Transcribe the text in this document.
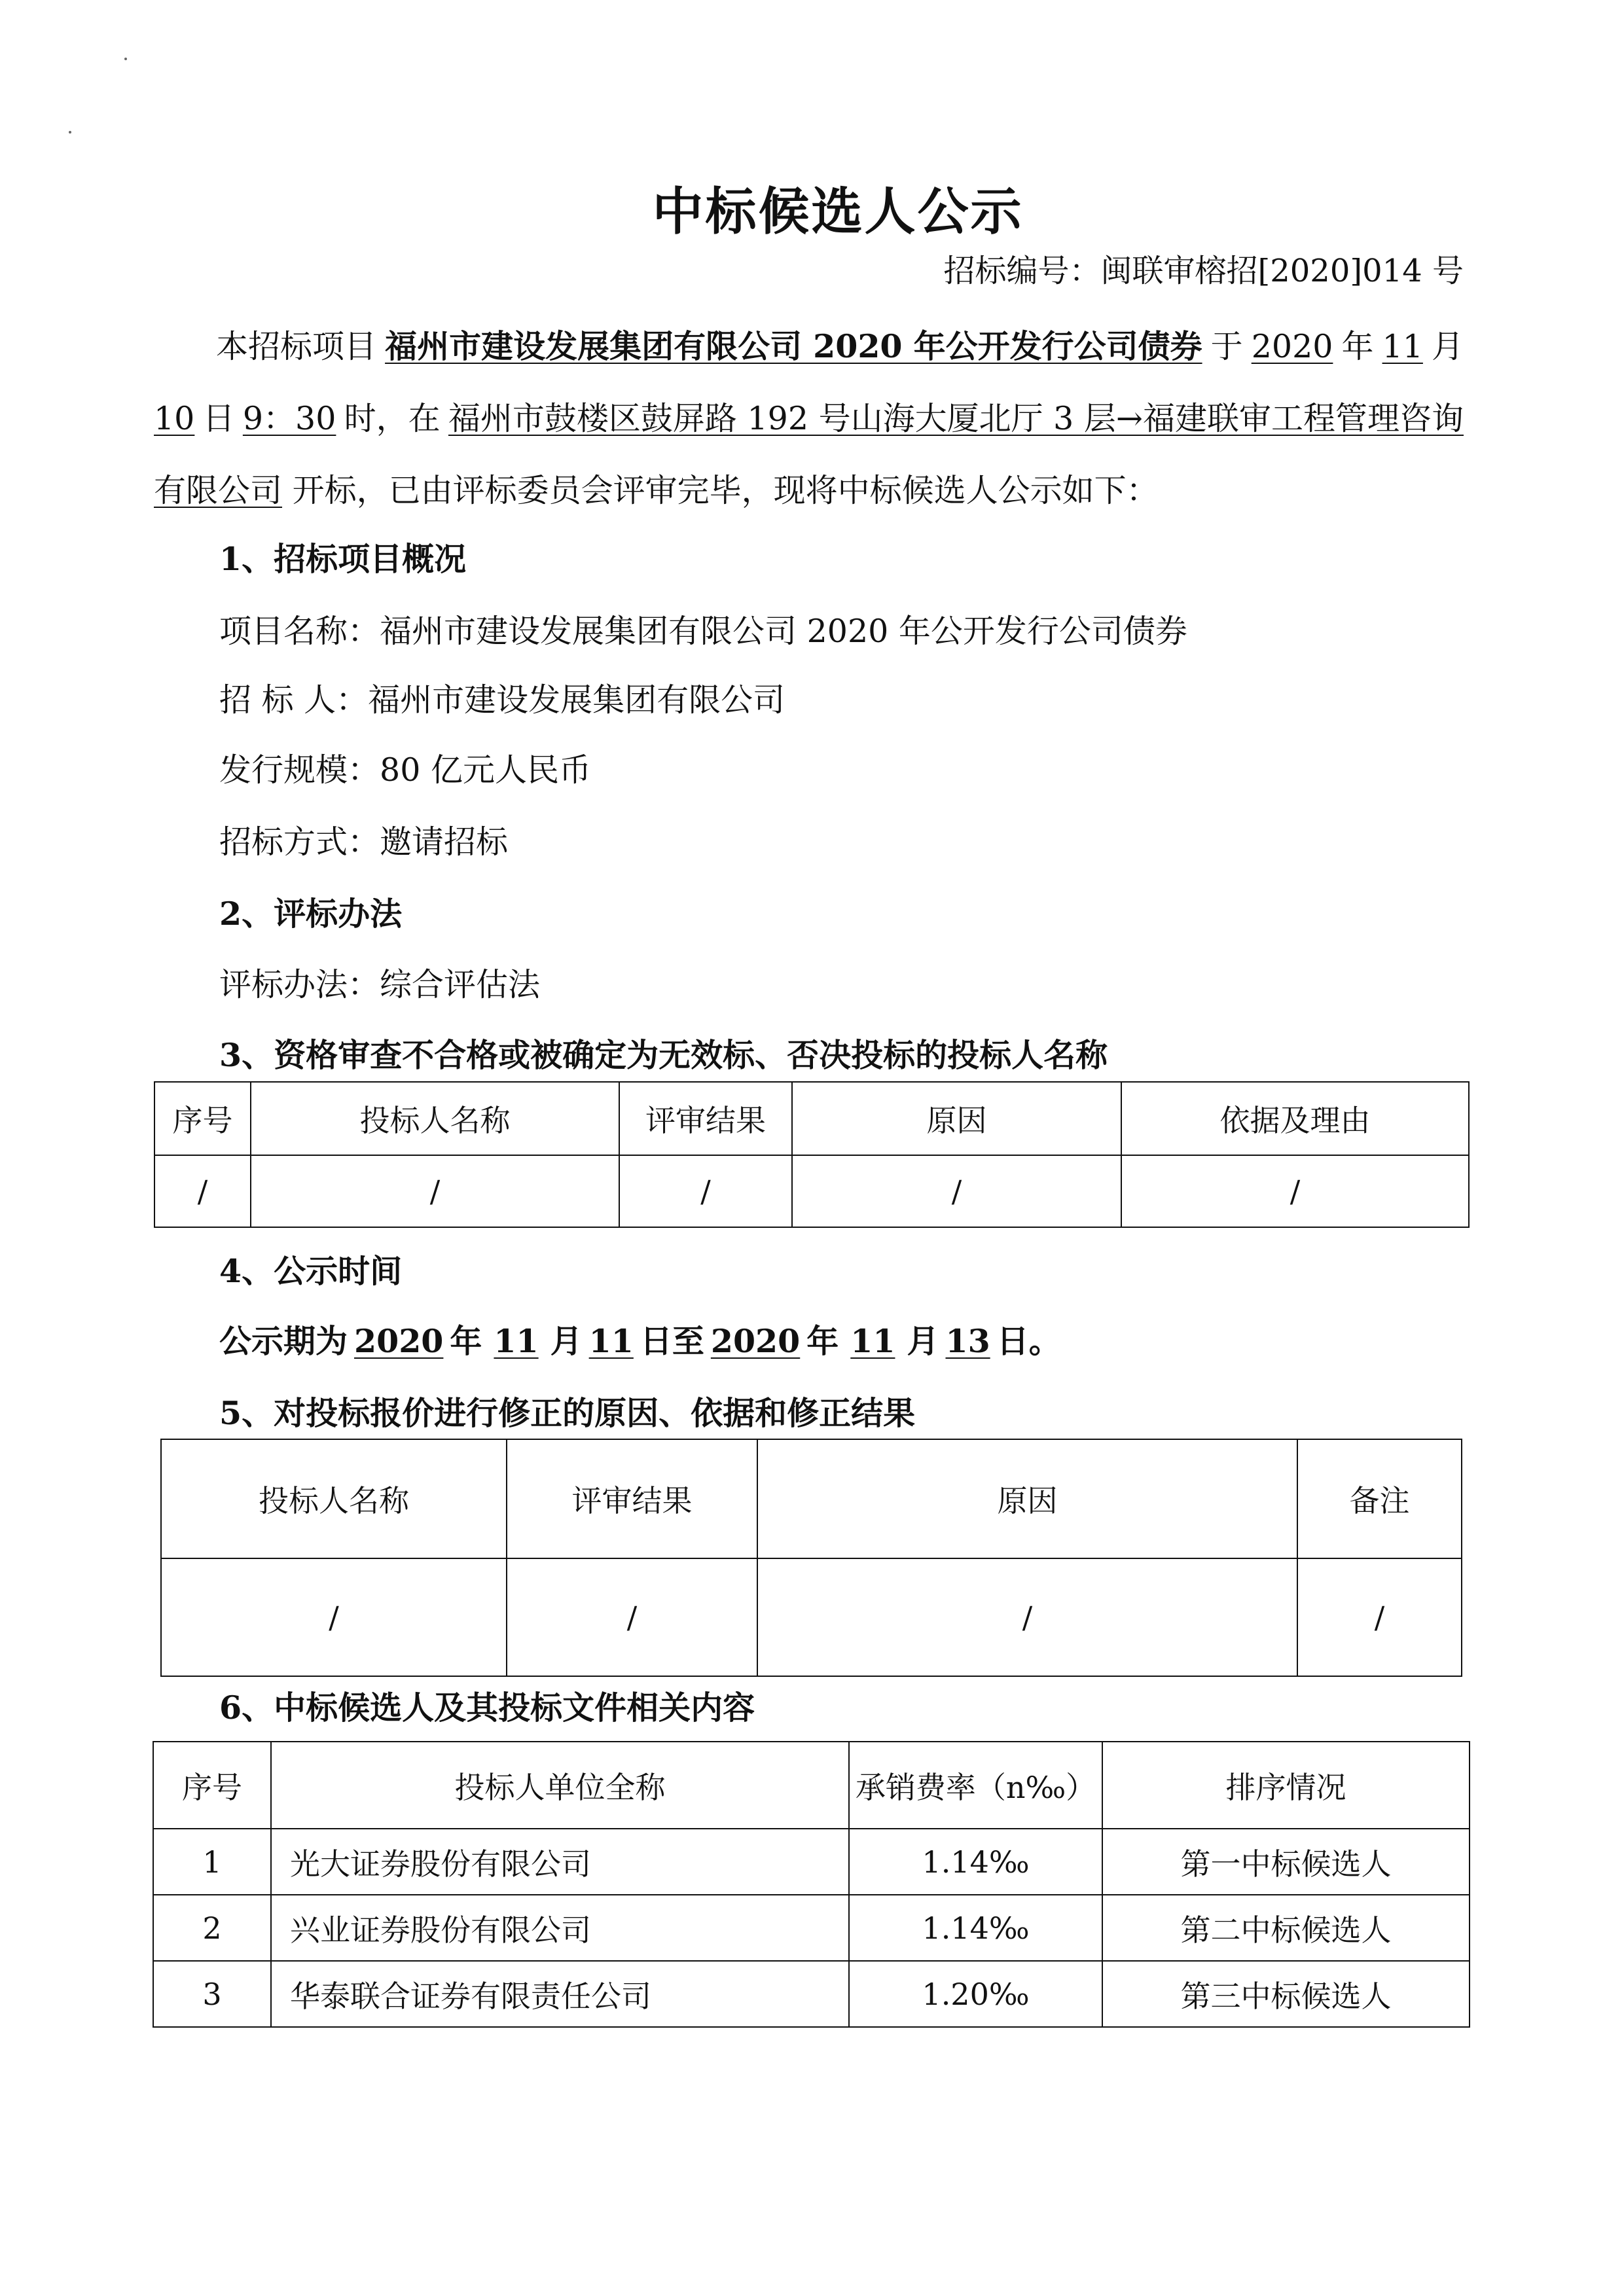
中标候选人公示
招标编号：闽联审榕招[2020]014 号
本招标项目 福州市建设发展集团有限公司 2020 年公开发行公司债券 于 2020 年 11 月
10 日 9：30 时，在 福州市鼓楼区鼓屏路 192 号山海大厦北厅 3 层→福建联审工程管理咨询
有限公司 开标，已由评标委员会评审完毕，现将中标候选人公示如下：
1、招标项目概况
项目名称：福州市建设发展集团有限公司 2020 年公开发行公司债券
招 标 人：福州市建设发展集团有限公司
发行规模：80 亿元人民币
招标方式：邀请招标
2、评标办法
评标办法：综合评估法
3、资格审查不合格或被确定为无效标、否决投标的投标人名称
序号	投标人名称	评审结果	原因	依据及理由
/	/	/	/	/
4、公示时间
公示期为 2020 年 11 月 11 日至 2020 年 11 月 13 日。
5、对投标报价进行修正的原因、依据和修正结果
投标人名称	评审结果	原因	备注
/	/	/	/
6、中标候选人及其投标文件相关内容
序号	投标人单位全称	承销费率（n‰）	排序情况
1	光大证券股份有限公司	1.14‰	第一中标候选人
2	兴业证券股份有限公司	1.14‰	第二中标候选人
3	华泰联合证券有限责任公司	1.20‰	第三中标候选人
